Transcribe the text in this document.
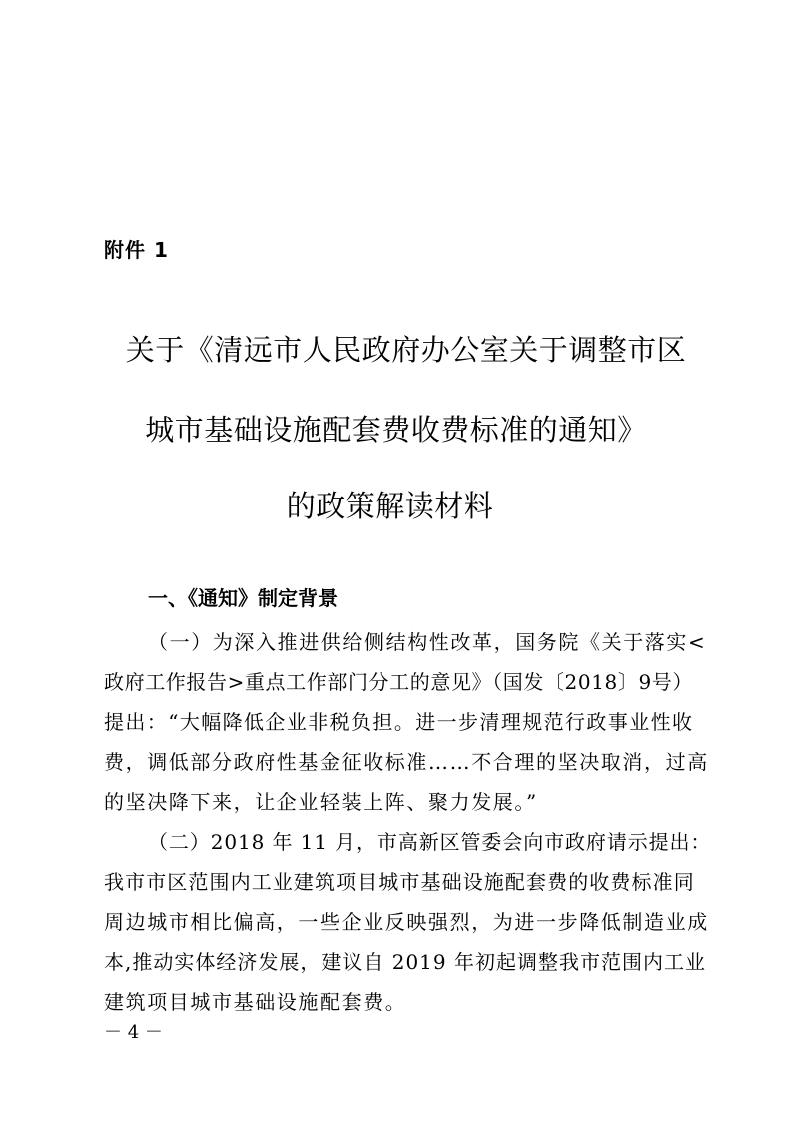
附件 1
关于《清远市人民政府办公室关于调整市区
城市基础设施配套费收费标准的通知》
的政策解读材料
一、《通知》制定背景
（一）为深入推进供给侧结构性改革，国务院《关于落实<
政府工作报告>重点工作部门分工的意见》（国发〔2018〕9号）
提出：“大幅降低企业非税负担。进一步清理规范行政事业性收
费，调低部分政府性基金征收标准……不合理的坚决取消，过高
的坚决降下来，让企业轻装上阵、聚力发展。”
（二）2018 年 11 月，市高新区管委会向市政府请示提出：
我市市区范围内工业建筑项目城市基础设施配套费的收费标准同
周边城市相比偏高，一些企业反映强烈，为进一步降低制造业成
本,推动实体经济发展，建议自 2019 年初起调整我市范围内工业
建筑项目城市基础设施配套费。
－ 4 －
